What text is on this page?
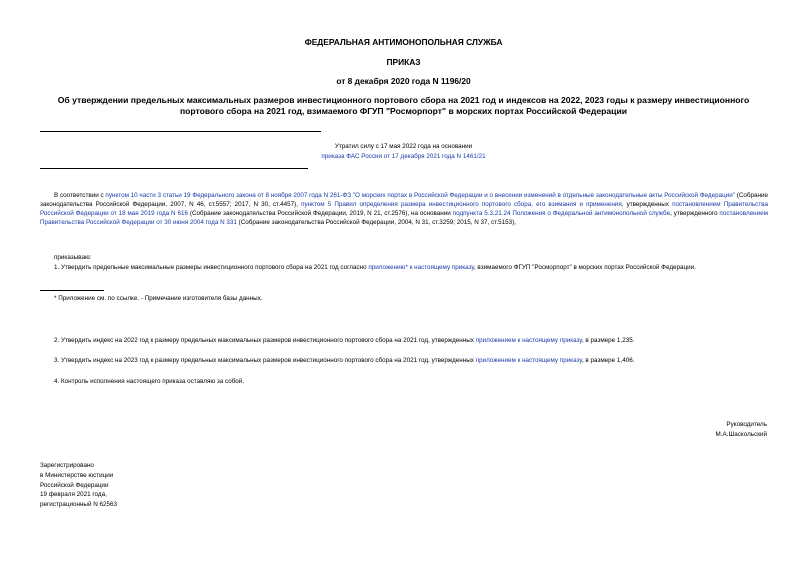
ФЕДЕРАЛЬНАЯ АНТИМОНОПОЛЬНАЯ СЛУЖБА
ПРИКАЗ
от 8 декабря 2020 года N 1196/20
Об утверждении предельных максимальных размеров инвестиционного портового сбора на 2021 год и индексов на 2022, 2023 годы к размеру инвестиционного портового сбора на 2021 год, взимаемого ФГУП "Росморпорт" в морских портах Российской Федерации
Утратил силу с 17 мая 2022 года на основании
приказа ФАС России от 17 декабря 2021 года N 1461/21
В соответствии с пунктом 10 части 3 статьи 19 Федерального закона от 8 ноября 2007 года N 261-ФЗ "О морских портах в Российской Федерации и о внесении изменений в отдельные законодательные акты Российской Федерации" (Собрание законодательства Российской Федерации, 2007, N 46, ст.5557; 2017, N 30, ст.4457), пунктом 5 Правил определения размера инвестиционного портового сбора, его взимания и применения, утвержденных постановлением Правительства Российской Федерации от 18 мая 2019 года N 616 (Собрание законодательства Российской Федерации, 2019, N 21, ст.2576), на основании подпункта 5.3.21.24 Положения о Федеральной антимонопольной службе, утвержденного постановлением Правительства Российской Федерации от 30 июня 2004 года N 331 (Собрание законодательства Российской Федерации, 2004, N 31, ст.3259; 2015, N 37, ст.5153),
приказываю:
1. Утвердить предельные максимальные размеры инвестиционного портового сбора на 2021 год согласно приложению* к настоящему приказу, взимаемого ФГУП "Росморпорт" в морских портах Российской Федерации.
* Приложение см. по ссылке. - Примечание изготовителя базы данных.
2. Утвердить индекс на 2022 год к размеру предельных максимальных размеров инвестиционного портового сбора на 2021 год, утвержденных приложением к настоящему приказу, в размере 1,235.
3. Утвердить индекс на 2023 год к размеру предельных максимальных размеров инвестиционного портового сбора на 2021 год, утвержденных приложением к настоящему приказу, в размере 1,406.
4. Контроль исполнения настоящего приказа оставляю за собой.
Руководитель
М.А.Шаскольский
Зарегистрировано
в Министерстве юстиции
Российской Федерации
19 февраля 2021 года,
регистрационный N 62563
